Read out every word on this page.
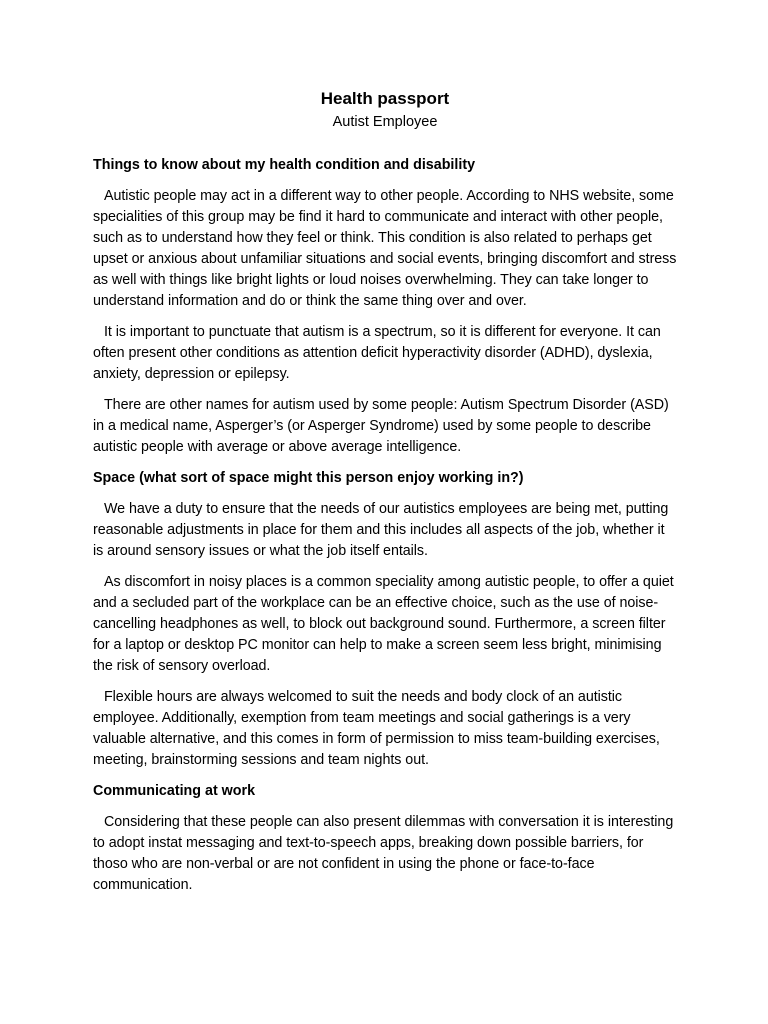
Health passport

Autist Employee

Things to know about my health condition and disability

Autistic people may act in a different way to other people. According to NHS website, some specialities of this group may be find it hard to communicate and interact with other people, such as to understand how they feel or think. This condition is also related to perhaps get upset or anxious about unfamiliar situations and social events, bringing discomfort and stress as well with things like bright lights or loud noises overwhelming. They can take longer to understand information and do or think the same thing over and over.

It is important to punctuate that autism is a spectrum, so it is different for everyone. It can often present other conditions as attention deficit hyperactivity disorder (ADHD), dyslexia, anxiety, depression or epilepsy.

There are other names for autism used by some people: Autism Spectrum Disorder (ASD) in a medical name, Asperger’s (or Asperger Syndrome) used by some people to describe autistic people with average or above average intelligence.

Space (what sort of space might this person enjoy working in?)

We have a duty to ensure that the needs of our autistics employees are being met, putting reasonable adjustments in place for them and this includes all aspects of the job, whether it is around sensory issues or what the job itself entails.

As discomfort in noisy places is a common speciality among autistic people, to offer a quiet and a secluded part of the workplace can be an effective choice, such as the use of noise-cancelling headphones as well, to block out background sound. Furthermore, a screen filter for a laptop or desktop PC monitor can help to make a screen seem less bright, minimising the risk of sensory overload.

Flexible hours are always welcomed to suit the needs and body clock of an autistic employee. Additionally, exemption from team meetings and social gatherings is a very valuable alternative, and this comes in form of permission to miss team-building exercises, meeting, brainstorming sessions and team nights out.

Communicating at work

Considering that these people can also present dilemmas with conversation it is interesting to adopt instat messaging and text-to-speech apps, breaking down possible barriers, for thoso who are non-verbal or are not confident in using the phone or face-to-face communication.
